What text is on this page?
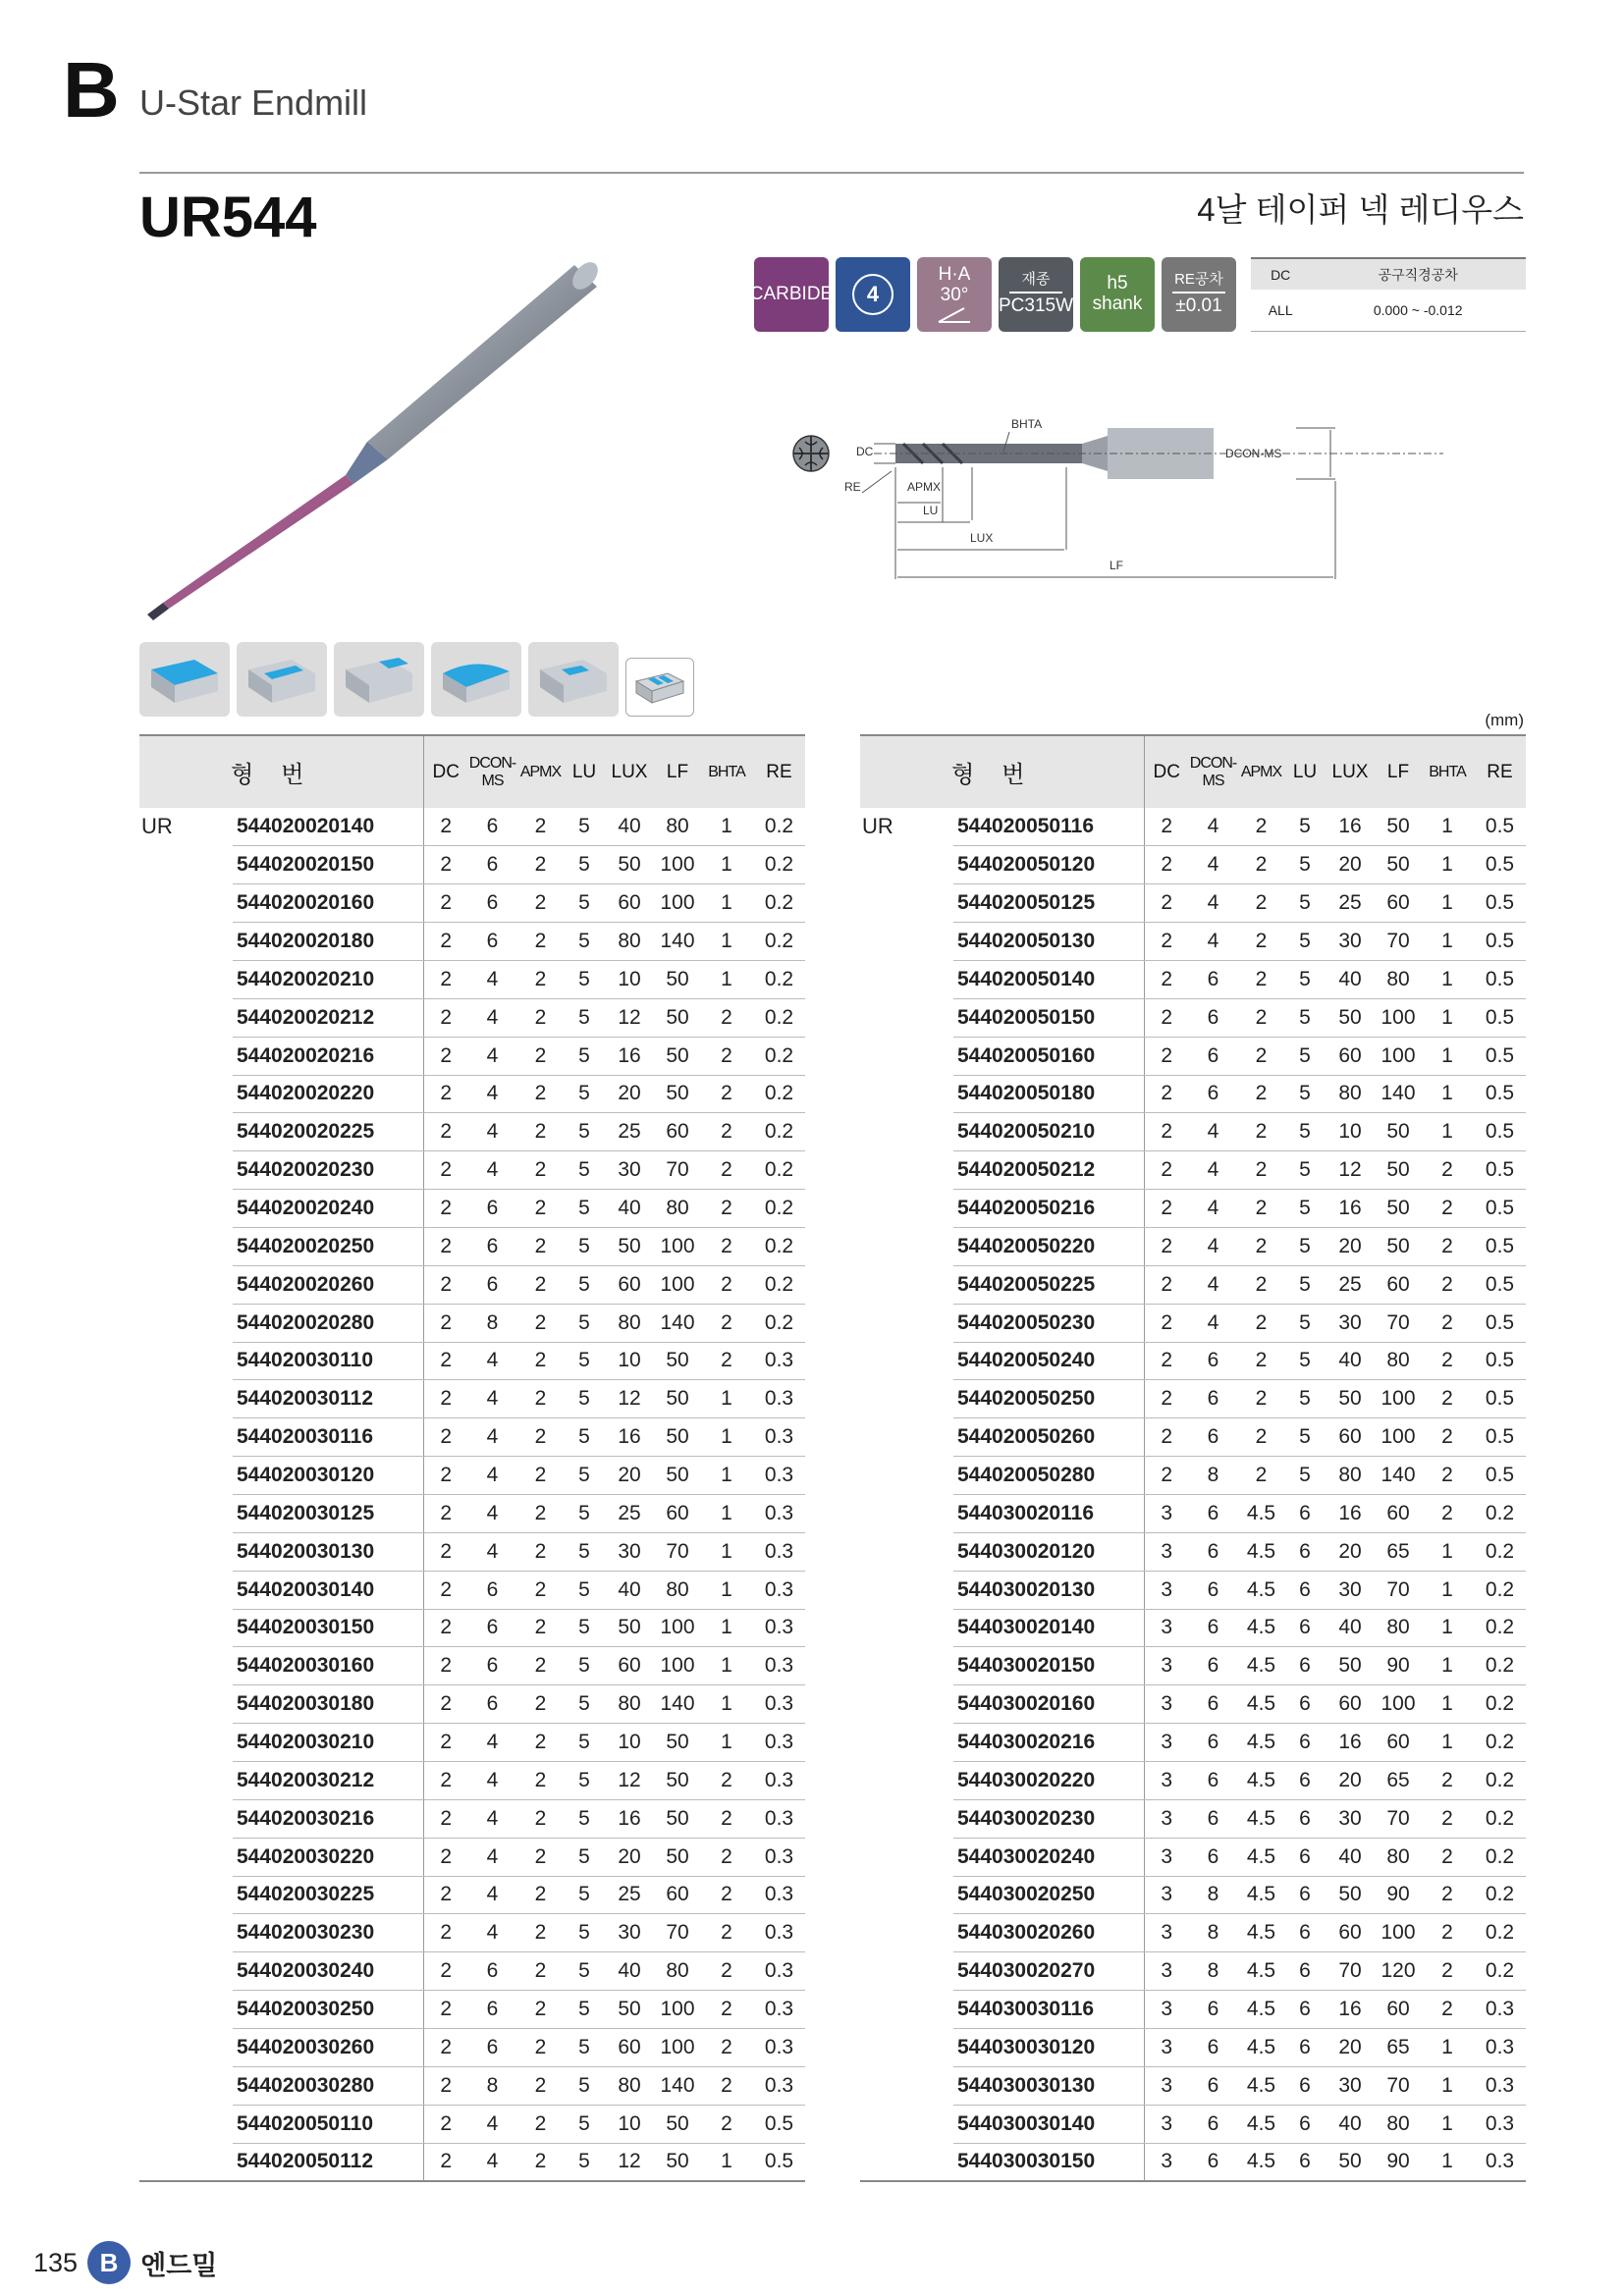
B U-Star Endmill
UR544	4날 테이퍼 넥 레디우스
CARBIDE 4
H·A
30°
재종
PC315W
h5
shank
RE공차
±0.01
DC	공구직경공차
ALL	0.000 ~ -0.012
DC
RE
BHTA
DCON-MS
APMX
LU
LUX
LF
(mm)
형번		DC	DCON-MS	APMX	LU	LUX	LF	BHTA	RE
UR	544020020140	2	6	2	5	40	80	1	0.2
	544020020150	2	6	2	5	50	100	1	0.2
	544020020160	2	6	2	5	60	100	1	0.2
	544020020180	2	6	2	5	80	140	1	0.2
	544020020210	2	4	2	5	10	50	1	0.2
	544020020212	2	4	2	5	12	50	2	0.2
	544020020216	2	4	2	5	16	50	2	0.2
	544020020220	2	4	2	5	20	50	2	0.2
	544020020225	2	4	2	5	25	60	2	0.2
	544020020230	2	4	2	5	30	70	2	0.2
	544020020240	2	6	2	5	40	80	2	0.2
	544020020250	2	6	2	5	50	100	2	0.2
	544020020260	2	6	2	5	60	100	2	0.2
	544020020280	2	8	2	5	80	140	2	0.2
	544020030110	2	4	2	5	10	50	2	0.3
	544020030112	2	4	2	5	12	50	1	0.3
	544020030116	2	4	2	5	16	50	1	0.3
	544020030120	2	4	2	5	20	50	1	0.3
	544020030125	2	4	2	5	25	60	1	0.3
	544020030130	2	4	2	5	30	70	1	0.3
	544020030140	2	6	2	5	40	80	1	0.3
	544020030150	2	6	2	5	50	100	1	0.3
	544020030160	2	6	2	5	60	100	1	0.3
	544020030180	2	6	2	5	80	140	1	0.3
	544020030210	2	4	2	5	10	50	1	0.3
	544020030212	2	4	2	5	12	50	2	0.3
	544020030216	2	4	2	5	16	50	2	0.3
	544020030220	2	4	2	5	20	50	2	0.3
	544020030225	2	4	2	5	25	60	2	0.3
	544020030230	2	4	2	5	30	70	2	0.3
	544020030240	2	6	2	5	40	80	2	0.3
	544020030250	2	6	2	5	50	100	2	0.3
	544020030260	2	6	2	5	60	100	2	0.3
	544020030280	2	8	2	5	80	140	2	0.3
	544020050110	2	4	2	5	10	50	2	0.5
	544020050112	2	4	2	5	12	50	1	0.5
형번		DC	DCON-MS	APMX	LU	LUX	LF	BHTA	RE
UR	544020050116	2	4	2	5	16	50	1	0.5
	544020050120	2	4	2	5	20	50	1	0.5
	544020050125	2	4	2	5	25	60	1	0.5
	544020050130	2	4	2	5	30	70	1	0.5
	544020050140	2	6	2	5	40	80	1	0.5
	544020050150	2	6	2	5	50	100	1	0.5
	544020050160	2	6	2	5	60	100	1	0.5
	544020050180	2	6	2	5	80	140	1	0.5
	544020050210	2	4	2	5	10	50	1	0.5
	544020050212	2	4	2	5	12	50	2	0.5
	544020050216	2	4	2	5	16	50	2	0.5
	544020050220	2	4	2	5	20	50	2	0.5
	544020050225	2	4	2	5	25	60	2	0.5
	544020050230	2	4	2	5	30	70	2	0.5
	544020050240	2	6	2	5	40	80	2	0.5
	544020050250	2	6	2	5	50	100	2	0.5
	544020050260	2	6	2	5	60	100	2	0.5
	544020050280	2	8	2	5	80	140	2	0.5
	544030020116	3	6	4.5	6	16	60	2	0.2
	544030020120	3	6	4.5	6	20	65	1	0.2
	544030020130	3	6	4.5	6	30	70	1	0.2
	544030020140	3	6	4.5	6	40	80	1	0.2
	544030020150	3	6	4.5	6	50	90	1	0.2
	544030020160	3	6	4.5	6	60	100	1	0.2
	544030020216	3	6	4.5	6	16	60	1	0.2
	544030020220	3	6	4.5	6	20	65	2	0.2
	544030020230	3	6	4.5	6	30	70	2	0.2
	544030020240	3	6	4.5	6	40	80	2	0.2
	544030020250	3	8	4.5	6	50	90	2	0.2
	544030020260	3	8	4.5	6	60	100	2	0.2
	544030020270	3	8	4.5	6	70	120	2	0.2
	544030030116	3	6	4.5	6	16	60	2	0.3
	544030030120	3	6	4.5	6	20	65	1	0.3
	544030030130	3	6	4.5	6	30	70	1	0.3
	544030030140	3	6	4.5	6	40	80	1	0.3
	544030030150	3	6	4.5	6	50	90	1	0.3
135 B 엔드밀
